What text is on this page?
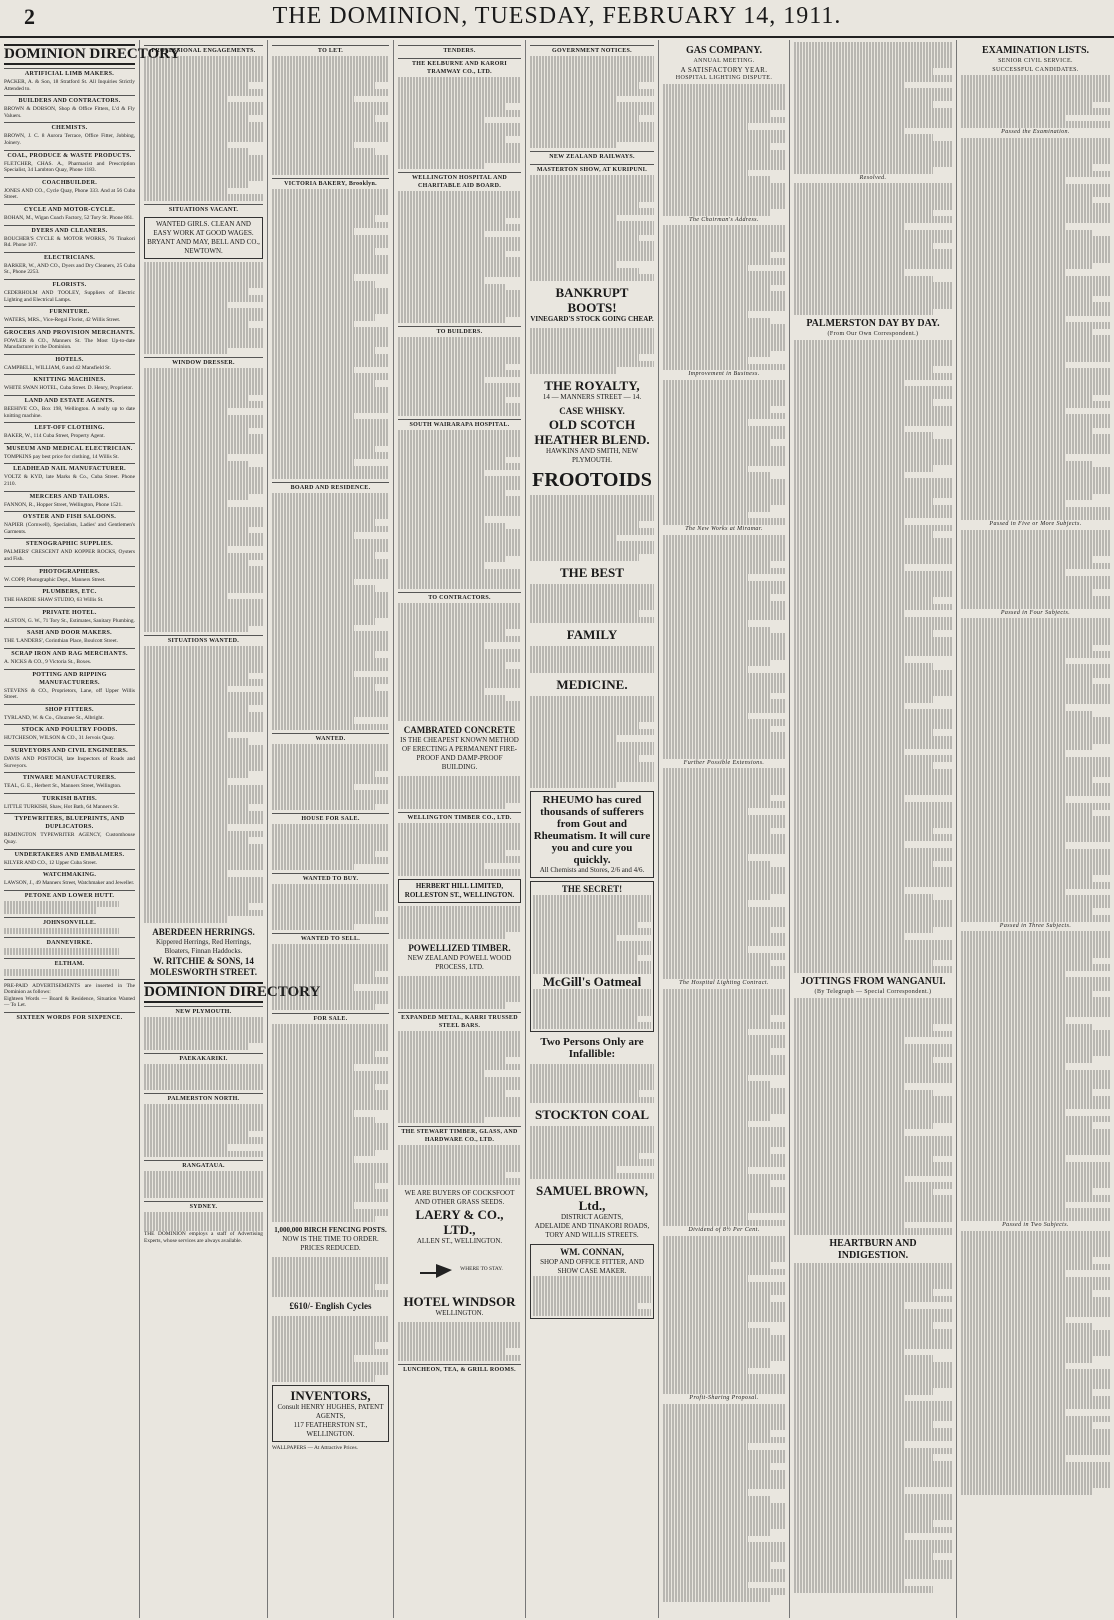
2	THE DOMINION, TUESDAY, FEBRUARY 14, 1911.
DOMINION DIRECTORY
ARTIFICIAL LIMB MAKERS.

PACKER, A. & Son, 18 Stratford St. All Inquiries Strictly Attended to.

BUILDERS AND CONTRACTORS.

BROWN & DOBSON, Shop & Office Fitters, L'd & Fly Valuers.

CHEMISTS.

BROWN, J. C. 8 Aurora Terrace, Office Fitter, Jobbing, Joinery.

COAL, PRODUCE & WASTE PRODUCTS.

FLETCHER, CHAS. A., Pharmacist and Prescription Specialist, 34 Lambton Quay, Phone 1183.

COACHBUILDER.

JONES AND CO., Cycle Quay, Phone 333. And at 56 Cuba Street.

CYCLE AND MOTOR-CYCLE.

BOHAN, M., Wigan Coach Factory, 52 Tory St. Phone 861.

DYERS AND CLEANERS.

BOUCHER'S CYCLE & MOTOR WORKS, 76 Tinakori Rd. Phone 107.

ELECTRICIANS.

BARKER, W., AND CO., Dyers and Dry Cleaners, 25 Cuba St., Phone 2253.

FLORISTS.

CEDERHOLM AND TOOLEY, Suppliers of Electric Lighting and Electrical Lamps.

FURNITURE.

WATERS, MRS., Vice-Regal Florist, 42 Willis Street.

GROCERS AND PROVISION MERCHANTS.

FOWLER & CO., Manners St. The Most Up-to-date Manufacturer in the Dominion.

HOTELS.

CAMPBELL, WILLIAM, 6 and 42 Mansfield St.

KNITTING MACHINES.

WHITE SWAN HOTEL, Cuba Street. D. Henry, Proprietor.

LAND AND ESTATE AGENTS.

BEEHIVE CO., Box 198, Wellington. A really up to date knitting machine.

LEFT-OFF CLOTHING.

BAKER, W., 114 Cuba Street, Property Agent.

MUSEUM AND MEDICAL ELECTRICIAN.

TOMPKINS pay best price for clothing, 14 Willis St.

LEADHEAD NAIL MANUFACTURER.

VOLTZ & KYD, late Marks & Co., Cuba Street. Phone 2110.

MERCERS AND TAILORS.

FANNON, R., Hopper Street, Wellington, Phone 1521.

OYSTER AND FISH SALOONS.

NAPIER (Cornwell), Specialists, Ladies' and Gentlemen's Garments.

STENOGRAPHIC SUPPLIES.

PALMERS' CRESCENT AND KOPPER ROCKS, Oysters and Fish.

PHOTOGRAPHERS.

W. COPP, Photographic Dept., Manners Street.

PLUMBERS, ETC.

THE HARDIE SHAW STUDIO, 63 Willis St.

PRIVATE HOTEL.

ALSTON, G. W., 71 Tory St., Estimates, Sanitary Plumbing.

SASH AND DOOR MAKERS.

THE 'LANDERS', Corinthian Place, Boulcott Street.

SCRAP IRON AND RAG MERCHANTS.

A. NICKS & CO., 9 Victoria St., Boxes.

POTTING AND RIPPING MANUFACTURERS.

STEVENS & CO., Proprietors, Lane, off Upper Willis Street.

SHOP FITTERS.

TYRLAND, W. & Co., Ghuznee St., Albright.

STOCK AND POULTRY FOODS.

HUTCHESON, WILSON & CO., 31 Jervois Quay.

SURVEYORS AND CIVIL ENGINEERS.

DAVIS AND POSTOCH, late Inspectors of Roads and Surveyors.

TINWARE MANUFACTURERS.

TEAL, G. E., Herbert St., Manners Street, Wellington.

TURKISH BATHS.

LITTLE TURKISH, Shaw, Hot Bath, 64 Manners St.

TYPEWRITERS, BLUEPRINTS, AND DUPLICATORS.

REMINGTON TYPEWRITER AGENCY, Customhouse Quay.

UNDERTAKERS AND EMBALMERS.

KILYER AND CO., 12 Upper Cuba Street.

WATCHMAKING.

LAWSON, J., 49 Manners Street, Watchmaker and Jeweller.

PETONE AND LOWER HUTT.
JOHNSONVILLE.
DANNEVIRKE.
ELTHAM.

PRE-PAID ADVERTISEMENTS are inserted in The Dominion as follows:

Eighteen Words — Board & Residence, Situation Wanted — To Let.

SIXTEEN WORDS FOR SIXPENCE.
PROFESSIONAL ENGAGEMENTS.
SITUATIONS VACANT.
WANTED GIRLS. CLEAN AND EASY WORK AT GOOD WAGES. BRYANT AND MAY, BELL AND CO., NEWTOWN.
WINDOW DRESSER.
SITUATIONS WANTED.
ABERDEEN HERRINGS.
Kippered Herrings, Red Herrings, Bloaters, Finnan Haddocks.
W. RITCHIE & SONS, 14 MOLESWORTH STREET.
DOMINION DIRECTORY
NEW PLYMOUTH.
PAEKAKARIKI.
PALMERSTON NORTH.
RANGATAUA.
SYDNEY.

THE DOMINION employs a staff of Advertising Experts, whose services are always available.

TO LET.
VICTORIA BAKERY, Brooklyn.
BOARD AND RESIDENCE.
WANTED.
HOUSE FOR SALE.
WANTED TO BUY.
WANTED TO SELL.
FOR SALE.
1,000,000 BIRCH FENCING POSTS.
NOW IS THE TIME TO ORDER. PRICES REDUCED.
£610/- English Cycles
INVENTORS,
Consult HENRY HUGHES, PATENT AGENTS,
117 FEATHERSTON ST., WELLINGTON.

WALLPAPERS — At Attractive Prices.

TENDERS.
THE KELBURNE AND KARORI TRAMWAY CO., LTD.
WELLINGTON HOSPITAL AND CHARITABLE AID BOARD.
TO BUILDERS.
SOUTH WAIRARAPA HOSPITAL.
TO CONTRACTORS.
CAMBRATED CONCRETE
IS THE CHEAPEST KNOWN METHOD OF ERECTING A PERMANENT FIRE-PROOF AND DAMP-PROOF BUILDING.
WELLINGTON TIMBER CO., LTD.
HERBERT HILL LIMITED, ROLLESTON ST., WELLINGTON.
POWELLIZED TIMBER.
NEW ZEALAND POWELL WOOD PROCESS, LTD.
EXPANDED METAL, KARRI TRUSSED STEEL BARS.
THE STEWART TIMBER, GLASS, AND HARDWARE CO., LTD.
WE ARE BUYERS OF COCKSFOOT AND OTHER GRASS SEEDS.
LAERY & CO., LTD.,
ALLEN ST., WELLINGTON.
WHERE TO STAY.
HOTEL WINDSOR
WELLINGTON.
LUNCHEON, TEA, & GRILL ROOMS.
GOVERNMENT NOTICES.
NEW ZEALAND RAILWAYS.
MASTERTON SHOW, AT KURIPUNI.
BANKRUPT BOOTS!
VINEGARD'S STOCK GOING CHEAP.
THE ROYALTY,
14 — MANNERS STREET — 14.
CASE WHISKY.
OLD SCOTCH HEATHER BLEND.
HAWKINS AND SMITH, NEW PLYMOUTH.
FROOTOIDS
THE BEST
FAMILY
MEDICINE.
RHEUMO has cured thousands of sufferers from Gout and Rheumatism. It will cure you and cure you quickly.
All Chemists and Stores, 2/6 and 4/6.
THE SECRET!
McGill's Oatmeal
Two Persons Only are Infallible:
STOCKTON COAL
SAMUEL BROWN, Ltd.,
DISTRICT AGENTS,
ADELAIDE AND TINAKORI ROADS, TORY AND WILLIS STREETS.
WM. CONNAN,
SHOP AND OFFICE FITTER, AND SHOW CASE MAKER.
GAS COMPANY.
ANNUAL MEETING.
A SATISFACTORY YEAR.
HOSPITAL LIGHTING DISPUTE.
The Chairman's Address.
Improvement in Business.
The New Works at Miramar.
Further Possible Extensions.
The Hospital Lighting Contract.
Dividend of 8½ Per Cent.
Profit-Sharing Proposal.
Resolved.
PALMERSTON DAY BY DAY.
(From Our Own Correspondent.)
JOTTINGS FROM WANGANUI.
(By Telegraph — Special Correspondent.)
HEARTBURN AND INDIGESTION.
EXAMINATION LISTS.
SENIOR CIVIL SERVICE.
SUCCESSFUL CANDIDATES.
Passed the Examination.
Passed in Five or More Subjects.
Passed in Four Subjects.
Passed in Three Subjects.
Passed in Two Subjects.
